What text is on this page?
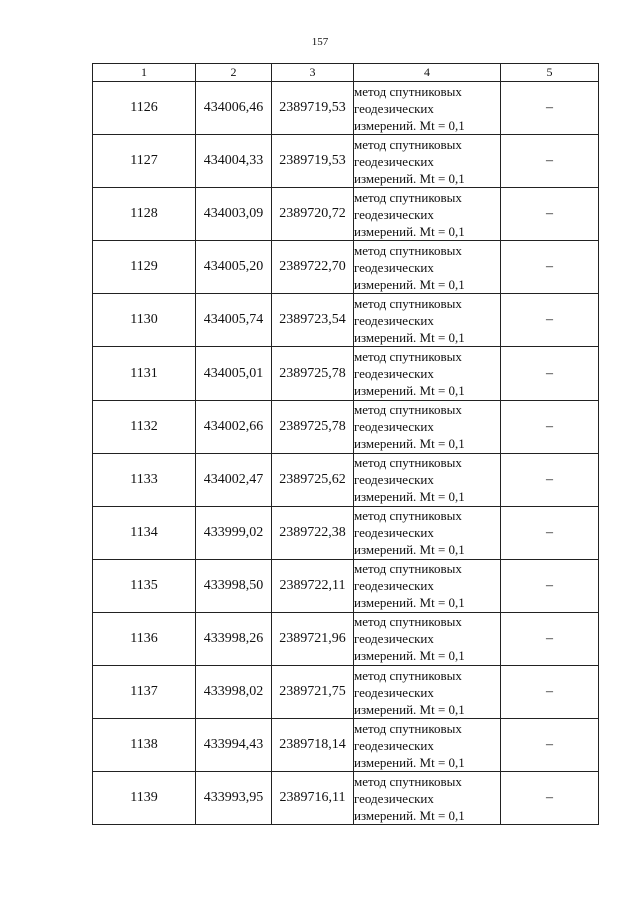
157
1	2	3	4	5
1126	434006,46	2389719,53	метод спутниковых
геодезических
измерений. Mt = 0,1	–
1127	434004,33	2389719,53	метод спутниковых
геодезических
измерений. Mt = 0,1	–
1128	434003,09	2389720,72	метод спутниковых
геодезических
измерений. Mt = 0,1	–
1129	434005,20	2389722,70	метод спутниковых
геодезических
измерений. Mt = 0,1	–
1130	434005,74	2389723,54	метод спутниковых
геодезических
измерений. Mt = 0,1	–
1131	434005,01	2389725,78	метод спутниковых
геодезических
измерений. Mt = 0,1	–
1132	434002,66	2389725,78	метод спутниковых
геодезических
измерений. Mt = 0,1	–
1133	434002,47	2389725,62	метод спутниковых
геодезических
измерений. Mt = 0,1	–
1134	433999,02	2389722,38	метод спутниковых
геодезических
измерений. Mt = 0,1	–
1135	433998,50	2389722,11	метод спутниковых
геодезических
измерений. Mt = 0,1	–
1136	433998,26	2389721,96	метод спутниковых
геодезических
измерений. Mt = 0,1	–
1137	433998,02	2389721,75	метод спутниковых
геодезических
измерений. Mt = 0,1	–
1138	433994,43	2389718,14	метод спутниковых
геодезических
измерений. Mt = 0,1	–
1139	433993,95	2389716,11	метод спутниковых
геодезических
измерений. Mt = 0,1	–
